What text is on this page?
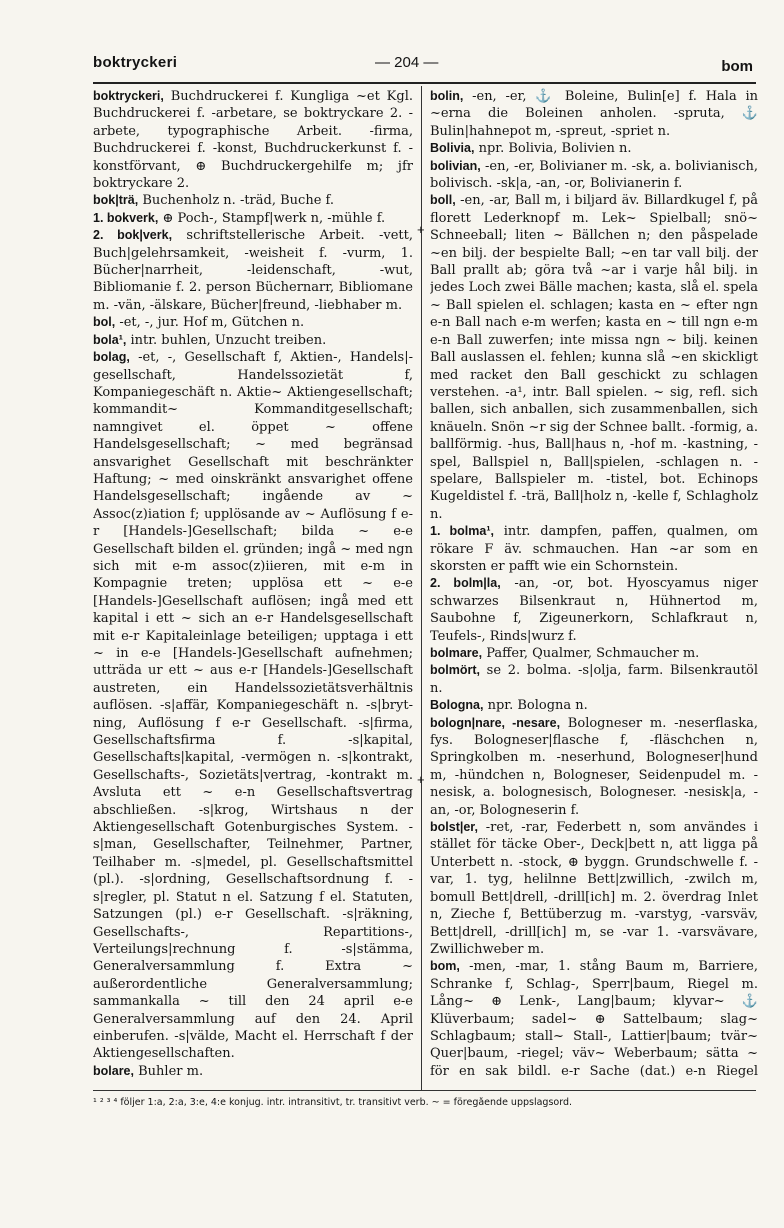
boktryckeri	— 204 —	bom
boktryckeri, Buchdruckerei f. Kungliga ~et Kgl. Buchdruckerei f. -arbetare, se boktryckare 2. -arbete, typographische Arbeit. -firma, Buchdruckerei f. -konst, Buchdruckerkunst f. -konstförvant, ⊕ Buchdruckergehilfe m; jfr boktryckare 2.
bok|trä, Buchenholz n. -träd, Buche f.
1. bokverk, ⊕ Poch-, Stampf|werk n, -mühle f.
2. bok|verk, schriftstellerische Arbeit. -vett, Buch|gelehrsamkeit, -weisheit f. -vurm, 1. Bücher|narrheit, -leidenschaft, -wut, Bibliomanie f. 2. person Büchernarr, Bibliomane m. -vän, -älskare, Bücher|freund, -liebhaber m.
bol, -et, -, jur. Hof m, Gütchen n.
bola¹, intr. buhlen, Unzucht treiben.
bolag, -et, -, Gesellschaft f, Aktien-, Handels|-gesellschaft, Handelssozietät f, Kompaniegeschäft n. Aktie~ Aktiengesellschaft; kommandit~ Kommanditgesellschaft; namngivet el. öppet ~ offene Handelsgesellschaft; ~ med begränsad ansvarighet Gesellschaft mit beschränkter Haftung; ~ med oinskränkt ansvarighet offene Handelsgesellschaft; ingående av ~ Assoc(z)iation f; upplösande av ~ Auflösung f e-r [Handels-]Gesellschaft; bilda ~ e-e Gesellschaft bilden el. gründen; ingå ~ med ngn sich mit e-m assoc(z)iieren, mit e-m in Kompagnie treten; upplösa ett ~ e-e [Handels-]Gesellschaft auflösen; ingå med ett kapital i ett ~ sich an e-r Handelsgesellschaft mit e-r Kapitaleinlage beteiligen; upptaga i ett ~ in e-e [Handels-]Gesellschaft aufnehmen; utträda ur ett ~ aus e-r [Handels-]Gesellschaft austreten, ein Handelssozietätsverhältnis auflösen. -s|affär, Kompaniegeschäft n. -s|bryt-ning, Auflösung f e-r Gesellschaft. -s|firma, Gesellschaftsfirma f. -s|kapital, Gesellschafts|kapital, -vermögen n. -s|kontrakt, Gesellschafts-, Sozietäts|vertrag, -kontrakt m. Avsluta ett ~ e-n Gesellschaftsvertrag abschließen. -s|krog, Wirtshaus n der Aktiengesellschaft Gotenburgisches System. -s|man, Gesellschafter, Teilnehmer, Partner, Teilhaber m. -s|medel, pl. Gesellschaftsmittel (pl.). -s|ordning, Gesellschaftsordnung f. -s|regler, pl. Statut n el. Satzung f el. Statuten, Satzungen (pl.) e-r Gesellschaft. -s|räkning, Gesellschafts-, Repartitions-, Verteilungs|rechnung f. -s|stämma, Generalversammlung f. Extra ~ außerordentliche Generalversammlung; sammankalla ~ till den 24 april e-e Generalversammlung auf den 24. April einberufen. -s|välde, Macht el. Herrschaft f der Aktiengesellschaften.
bolare, Buhler m.
bolin, -en, -er, ⚓ Boleine, Bulin[e] f. Hala in ~erna die Boleinen anholen. -spruta, ⚓ Bulin|hahnepot m, -spreut, -spriet n.
Bolivia, npr. Bolivia, Bolivien n.
bolivian, -en, -er, Bolivianer m. -sk, a. bolivianisch, bolivisch. -sk|a, -an, -or, Bolivianerin f.
boll, -en, -ar, Ball m, i biljard äv. Billardkugel f, på florett Lederknopf m. Lek~ Spielball; snö~ Schneeball; liten ~ Bällchen n; den påspelade ~en bilj. der bespielte Ball; ~en tar vall bilj. der Ball prallt ab; göra två ~ar i varje hål bilj. in jedes Loch zwei Bälle machen; kasta, slå el. spela ~ Ball spielen el. schlagen; kasta en ~ efter ngn e-n Ball nach e-m werfen; kasta en ~ till ngn e-m e-n Ball zuwerfen; inte missa ngn ~ bilj. keinen Ball auslassen el. fehlen; kunna slå ~en skickligt med racket den Ball geschickt zu schlagen verstehen. -a¹, intr. Ball spielen. ~ sig, refl. sich ballen, sich anballen, sich zusammenballen, sich knäueln. Snön ~r sig der Schnee ballt. -formig, a. ballförmig. -hus, Ball|haus n, -hof m. -kastning, -spel, Ballspiel n, Ball|spielen, -schlagen n. -spelare, Ballspieler m. -tistel, bot. Echinops Kugeldistel f. -trä, Ball|holz n, -kelle f, Schlagholz n.
1. bolma¹, intr. dampfen, paffen, qualmen, om rökare F äv. schmauchen. Han ~ar som en skorsten er pafft wie ein Schornstein.
2. bolm|la, -an, -or, bot. Hyoscyamus niger schwarzes Bilsenkraut n, Hühnertod m, Saubohne f, Zigeunerkorn, Schlafkraut n, Teufels-, Rinds|wurz f.
bolmare, Paffer, Qualmer, Schmaucher m.
bolmört, se 2. bolma. -s|olja, farm. Bilsenkrautöl n.
Bologna, npr. Bologna n.
bologn|nare, -nesare, Bologneser m. -neserflaska, fys. Bologneser|flasche f, -fläschchen n, Springkolben m. -neserhund, Bologneser|hund m, -hündchen n, Bologneser, Seidenpudel m. -nesisk, a. bolognesisch, Bologneser. -nesisk|a, -an, -or, Bologneserin f.
bolst|er, -ret, -rar, Federbett n, som användes i stället för täcke Ober-, Deck|bett n, att ligga på Unterbett n. -stock, ⊕ byggn. Grundschwelle f. -var, 1. tyg, helilnne Bett|zwillich, -zwilch m, bomull Bett|drell, -drill[ich] m. 2. överdrag Inlet n, Zieche f, Bettüberzug m. -varstyg, -varsväv, Bett|drell, -drill[ich] m, se -var 1. -varsvävare, Zwillichweber m.
bom, -men, -mar, 1. stång Baum m, Barriere, Schranke f, Schlag-, Sperr|baum, Riegel m. Lång~ ⊕ Lenk-, Lang|baum; klyvar~ ⚓ Klüverbaum; sadel~ ⊕ Sattelbaum; slag~ Schlagbaum; stall~ Stall-, Lattier|baum; tvär~ Quer|baum, -riegel; väv~ Weberbaum; sätta ~ för en sak bildl. e-r Sache (dat.) e-n Riegel
+
+
¹ ² ³ ⁴ följer 1:a, 2:a, 3:e, 4:e konjug. intr. intransitivt, tr. transitivt verb. ~ = föregående uppslagsord.
